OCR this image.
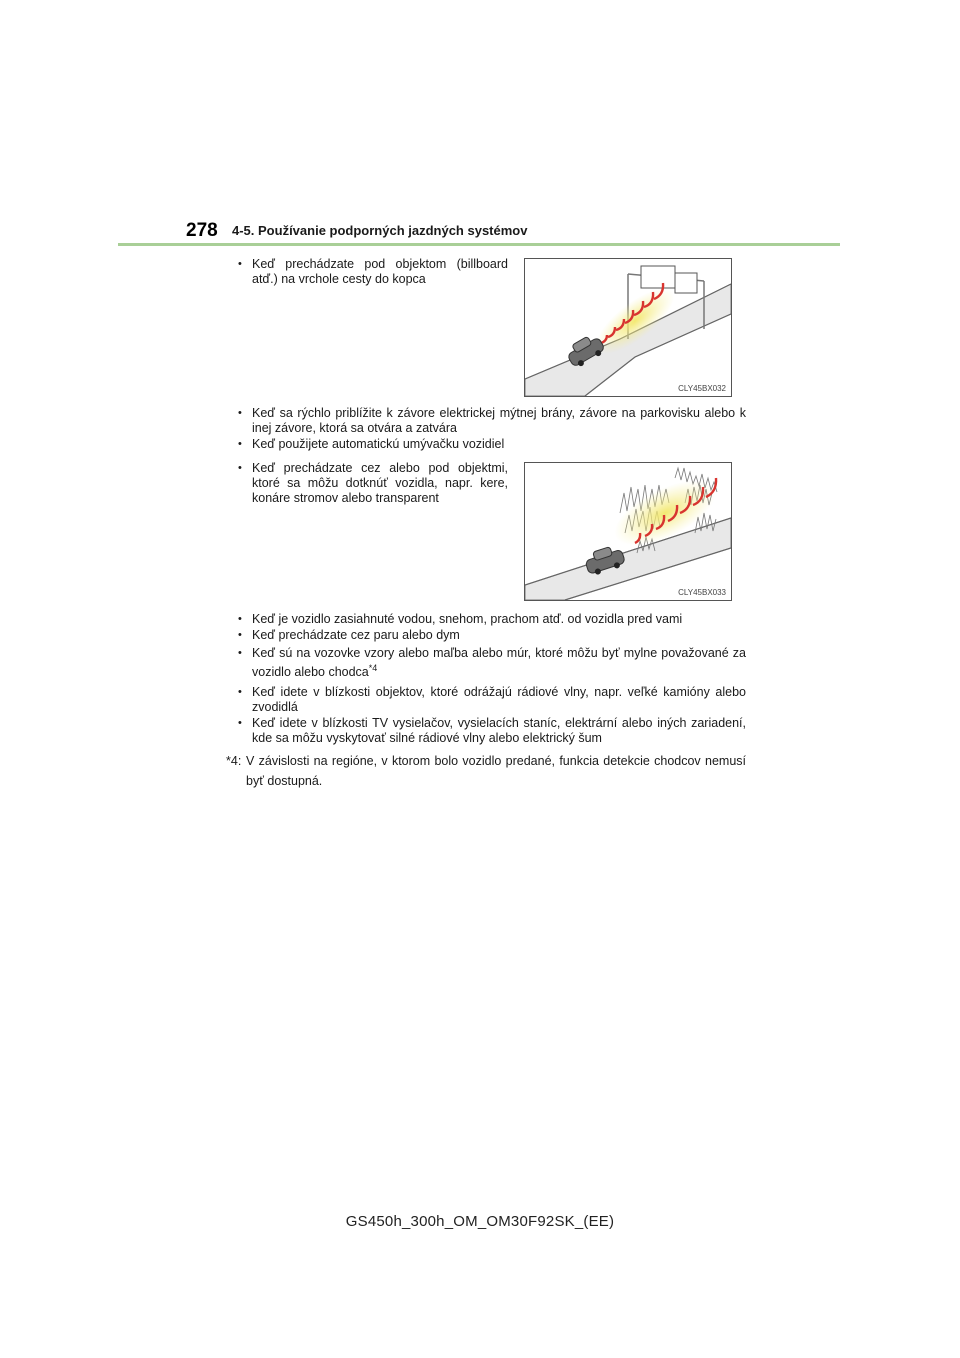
278 4-5. Používanie podporných jazdných systémov
• Keď prechádzate pod objektom (billboard atď.) na vrchole cesty do kopca
CLY45BX032
• Keď sa rýchlo priblížite k závore elektrickej mýtnej brány, závore na parkovisku alebo k inej závore, ktorá sa otvára a zatvára
• Keď použijete automatickú umývačku vozidiel
• Keď prechádzate cez alebo pod objektmi, ktoré sa môžu dotknúť vozidla, napr. kere, konáre stromov alebo transparent
CLY45BX033
• Keď je vozidlo zasiahnuté vodou, snehom, prachom atď. od vozidla pred vami
• Keď prechádzate cez paru alebo dym
• Keď sú na vozovke vzory alebo maľba alebo múr, ktoré môžu byť mylne považované za vozidlo alebo chodca$^{*4}$
• Keď idete v blízkosti objektov, ktoré odrážajú rádiové vlny, napr. veľké kamióny alebo zvodidlá
• Keď idete v blízkosti TV vysielačov, vysielacích staníc, elektrární alebo iných zariadení, kde sa môžu vyskytovať silné rádiové vlny alebo elektrický šum
*4: V závislosti na regióne, v ktorom bolo vozidlo predané, funkcia detekcie chodcov nemusí byť dostupná.
GS450h_300h_OM_OM30F92SK_(EE)
